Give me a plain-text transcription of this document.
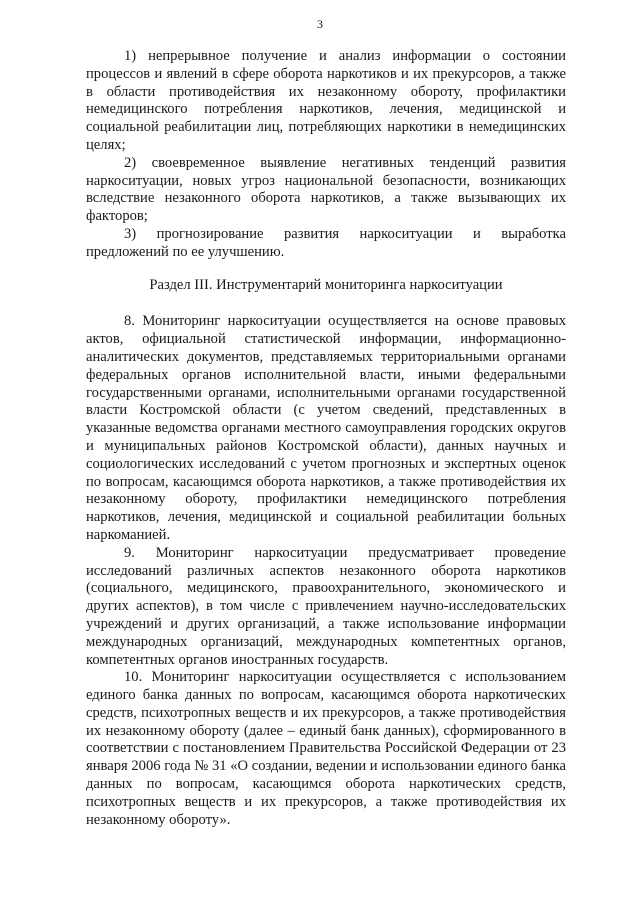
3

1) непрерывное получение и анализ информации о состоянии процессов и явлений в сфере оборота наркотиков и их прекурсоров, а также в области противодействия их незаконному обороту, профилактики немедицинского потребления наркотиков, лечения, медицинской и социальной реабилитации лиц, потребляющих наркотики в немедицинских целях;

2) своевременное выявление негативных тенденций развития наркоситуации, новых угроз национальной безопасности, возникающих вследствие незаконного оборота наркотиков, а также вызывающих их факторов;

3) прогнозирование развития наркоситуации и выработка предложений по ее улучшению.

Раздел III. Инструментарий мониторинга наркоситуации

8. Мониторинг наркоситуации осуществляется на основе правовых актов, официальной статистической информации, информационно-аналитических документов, представляемых территориальными органами федеральных органов исполнительной власти, иными федеральными государственными органами, исполнительными органами государственной власти Костромской области (с учетом сведений, представленных в указанные ведомства органами местного самоуправления городских округов и муниципальных районов Костромской области), данных научных и социологических исследований с учетом прогнозных и экспертных оценок по вопросам, касающимся оборота наркотиков, а также противодействия их незаконному обороту, профилактики немедицинского потребления наркотиков, лечения, медицинской и социальной реабилитации больных наркоманией.

9. Мониторинг наркоситуации предусматривает проведение исследований различных аспектов незаконного оборота наркотиков (социального, медицинского, правоохранительного, экономического и других аспектов), в том числе с привлечением научно-исследовательских учреждений и других организаций, а также использование информации международных организаций, международных компетентных органов, компетентных органов иностранных государств.

10. Мониторинг наркоситуации осуществляется с использованием единого банка данных по вопросам, касающимся оборота наркотических средств, психотропных веществ и их прекурсоров, а также противодействия их незаконному обороту (далее – единый банк данных), сформированного в соответствии с постановлением Правительства Российской Федерации от 23 января 2006 года № 31 «О создании, ведении и использовании единого банка данных по вопросам, касающимся оборота наркотических средств, психотропных веществ и их прекурсоров, а также противодействия их незаконному обороту».
